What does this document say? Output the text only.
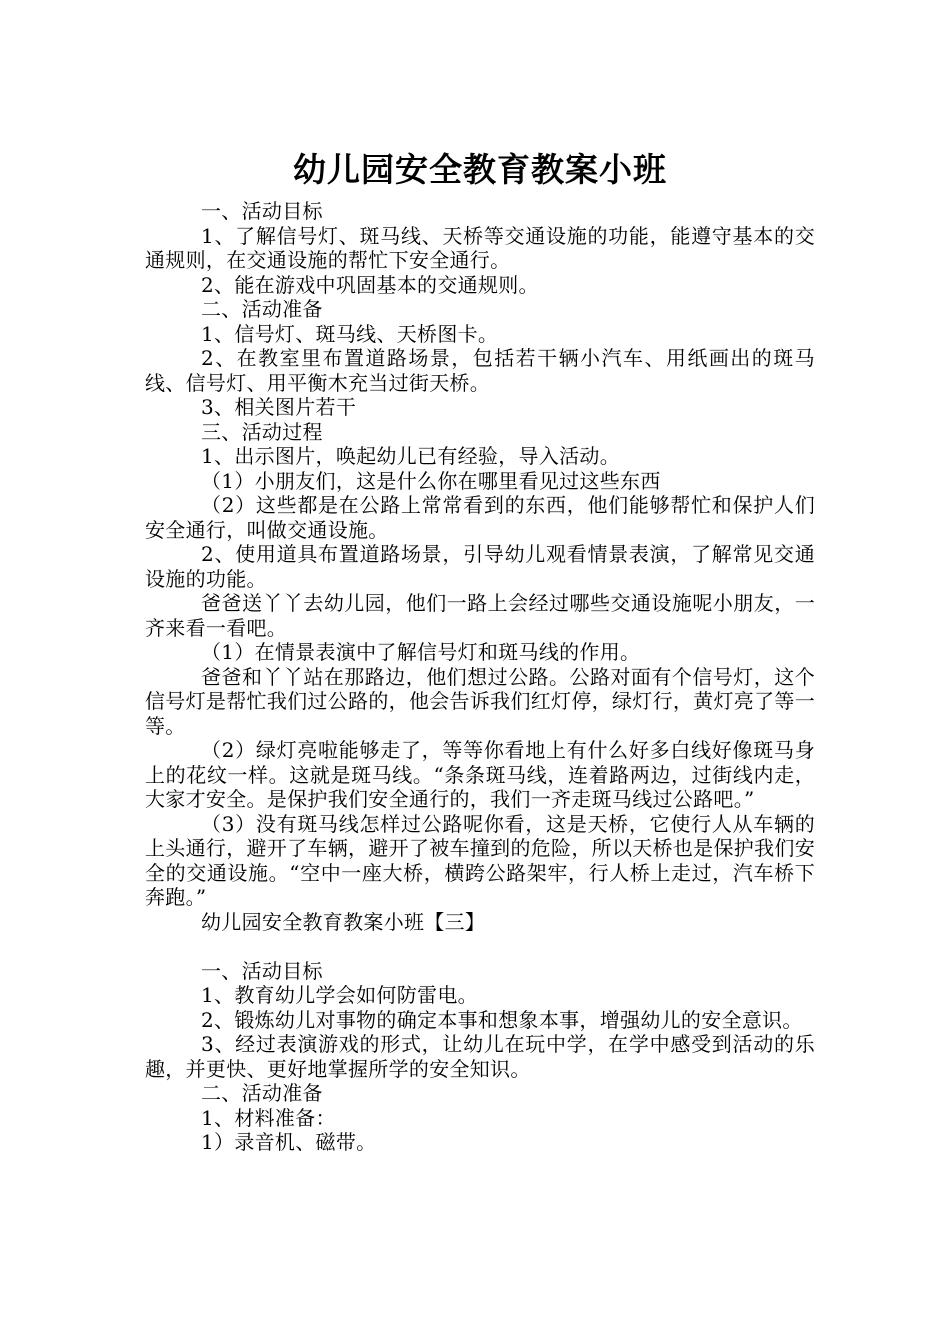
幼儿园安全教育教案小班

一、活动目标

1、了解信号灯、斑马线、天桥等交通设施的功能，能遵守基本的交通规则，在交通设施的帮忙下安全通行。

2、能在游戏中巩固基本的交通规则。

二、活动准备

1、信号灯、斑马线、天桥图卡。

2、在教室里布置道路场景，包括若干辆小汽车、用纸画出的斑马线、信号灯、用平衡木充当过街天桥。

3、相关图片若干

三、活动过程

1、出示图片，唤起幼儿已有经验，导入活动。

（1）小朋友们，这是什么你在哪里看见过这些东西

（2）这些都是在公路上常常看到的东西，他们能够帮忙和保护人们安全通行，叫做交通设施。

2、使用道具布置道路场景，引导幼儿观看情景表演，了解常见交通设施的功能。

爸爸送丫丫去幼儿园，他们一路上会经过哪些交通设施呢小朋友，一齐来看一看吧。

（1）在情景表演中了解信号灯和斑马线的作用。

爸爸和丫丫站在那路边，他们想过公路。公路对面有个信号灯，这个信号灯是帮忙我们过公路的，他会告诉我们红灯停，绿灯行，黄灯亮了等一等。

（2）绿灯亮啦能够走了，等等你看地上有什么好多白线好像斑马身上的花纹一样。这就是斑马线。“条条斑马线，连着路两边，过街线内走，大家才安全。是保护我们安全通行的，我们一齐走斑马线过公路吧。”

（3）没有斑马线怎样过公路呢你看，这是天桥，它使行人从车辆的上头通行，避开了车辆，避开了被车撞到的危险，所以天桥也是保护我们安全的交通设施。“空中一座大桥，横跨公路架牢，行人桥上走过，汽车桥下奔跑。”

幼儿园安全教育教案小班【三】

一、活动目标

1、教育幼儿学会如何防雷电。

2、锻炼幼儿对事物的确定本事和想象本事，增强幼儿的安全意识。

3、经过表演游戏的形式，让幼儿在玩中学，在学中感受到活动的乐趣，并更快、更好地掌握所学的安全知识。

二、活动准备

1、材料准备：

1）录音机、磁带。
